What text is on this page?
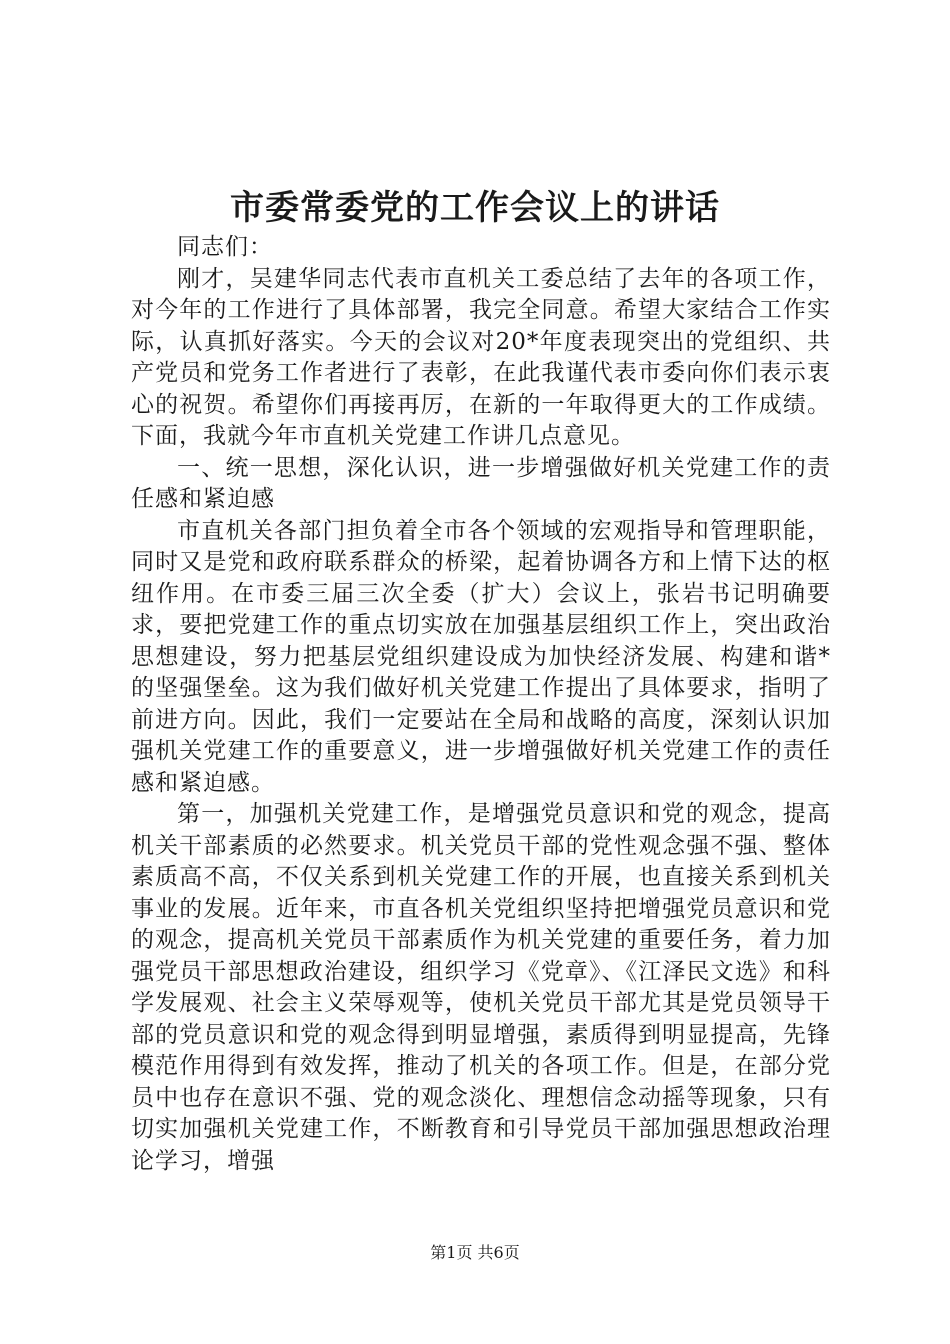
市委常委党的工作会议上的讲话

同志们：

刚才，吴建华同志代表市直机关工委总结了去年的各项工作，对今年的工作进行了具体部署，我完全同意。希望大家结合工作实际，认真抓好落实。今天的会议对20*年度表现突出的党组织、共产党员和党务工作者进行了表彰，在此我谨代表市委向你们表示衷心的祝贺。希望你们再接再厉，在新的一年取得更大的工作成绩。下面，我就今年市直机关党建工作讲几点意见。

一、统一思想，深化认识，进一步增强做好机关党建工作的责任感和紧迫感

市直机关各部门担负着全市各个领域的宏观指导和管理职能，同时又是党和政府联系群众的桥梁，起着协调各方和上情下达的枢纽作用。在市委三届三次全委（扩大）会议上，张岩书记明确要求，要把党建工作的重点切实放在加强基层组织工作上，突出政治思想建设，努力把基层党组织建设成为加快经济发展、构建和谐*的坚强堡垒。这为我们做好机关党建工作提出了具体要求，指明了前进方向。因此，我们一定要站在全局和战略的高度，深刻认识加强机关党建工作的重要意义，进一步增强做好机关党建工作的责任感和紧迫感。

第一，加强机关党建工作，是增强党员意识和党的观念，提高机关干部素质的必然要求。机关党员干部的党性观念强不强、整体素质高不高，不仅关系到机关党建工作的开展，也直接关系到机关事业的发展。近年来，市直各机关党组织坚持把增强党员意识和党的观念，提高机关党员干部素质作为机关党建的重要任务，着力加强党员干部思想政治建设，组织学习《党章》、《江泽民文选》和科学发展观、社会主义荣辱观等，使机关党员干部尤其是党员领导干部的党员意识和党的观念得到明显增强，素质得到明显提高，先锋模范作用得到有效发挥，推动了机关的各项工作。但是，在部分党员中也存在意识不强、党的观念淡化、理想信念动摇等现象，只有切实加强机关党建工作，不断教育和引导党员干部加强思想政治理论学习，增强

第1页 共6页
